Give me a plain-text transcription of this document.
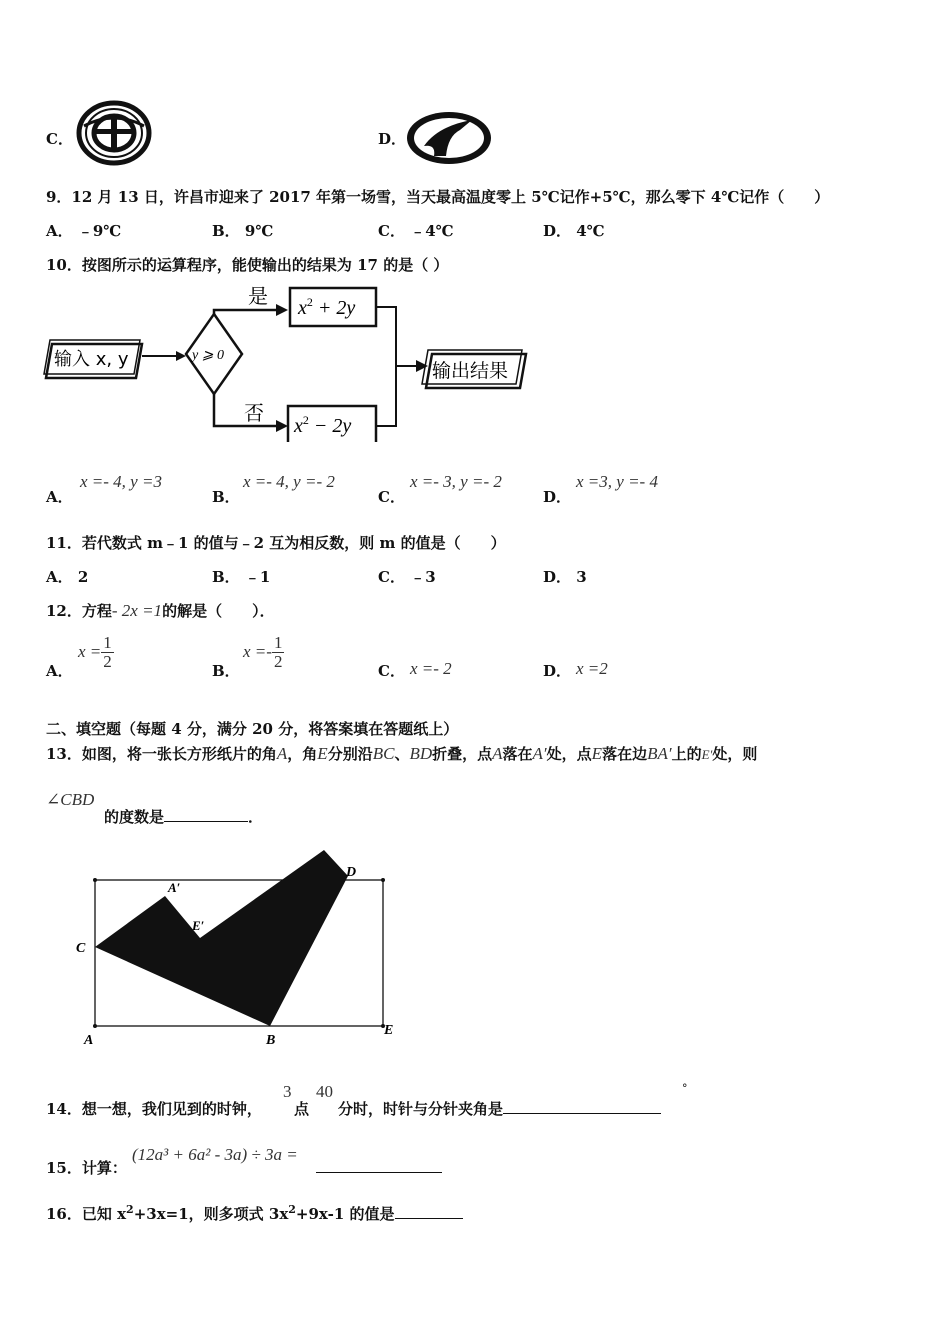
C．	D．
9．12 月 13 日，许昌市迎来了 2017 年第一场雪，当天最高温度零上 5℃记作+5℃，那么零下 4℃记作（　　）
A． ﹣9℃	B． 9℃	C． ﹣4℃	D． 4℃
10．按图所示的运算程序，能使输出的结果为 17 的是（ ）
输入 x, y	y ⩾ 0
是 $x^2 + 2y$
否
$x^2 - 2y$
输出结果
A．
x =- 4, y =3
B．
x =- 4, y =- 2
C．
x =- 3, y =- 2
D．
x =3, y =- 4
11．若代数式 m﹣1 的值与﹣2 互为相反数，则 m 的值是（　　）
A． 2	B． ﹣1	C． ﹣3	D． 3
12．方程- 2x =1的解是（　　）．
A．
$x = \frac{1}{2}$	B．
$x =- \frac{1}{2}$	C． x =- 2	D． x =2
二、填空题（每题 4 分，满分 20 分，将答案填在答题纸上）
13．如图，将一张长方形纸片的角A，角E分别沿BC、BD折叠，点A落在A′处，点E落在边BA′上的E′处，则
∠CBD
的度数是	．
C
A′
E′
D
A	B
E
14．想一想，我们见到的时钟，
3
点
40
分时，时针与分针夹角是
°
15．计算：
(12a³ + 6a² - 3a) ÷ 3a =
16．已知 $x^2+3x=1$，则多项式 $3x^2+9x-1$ 的值是
